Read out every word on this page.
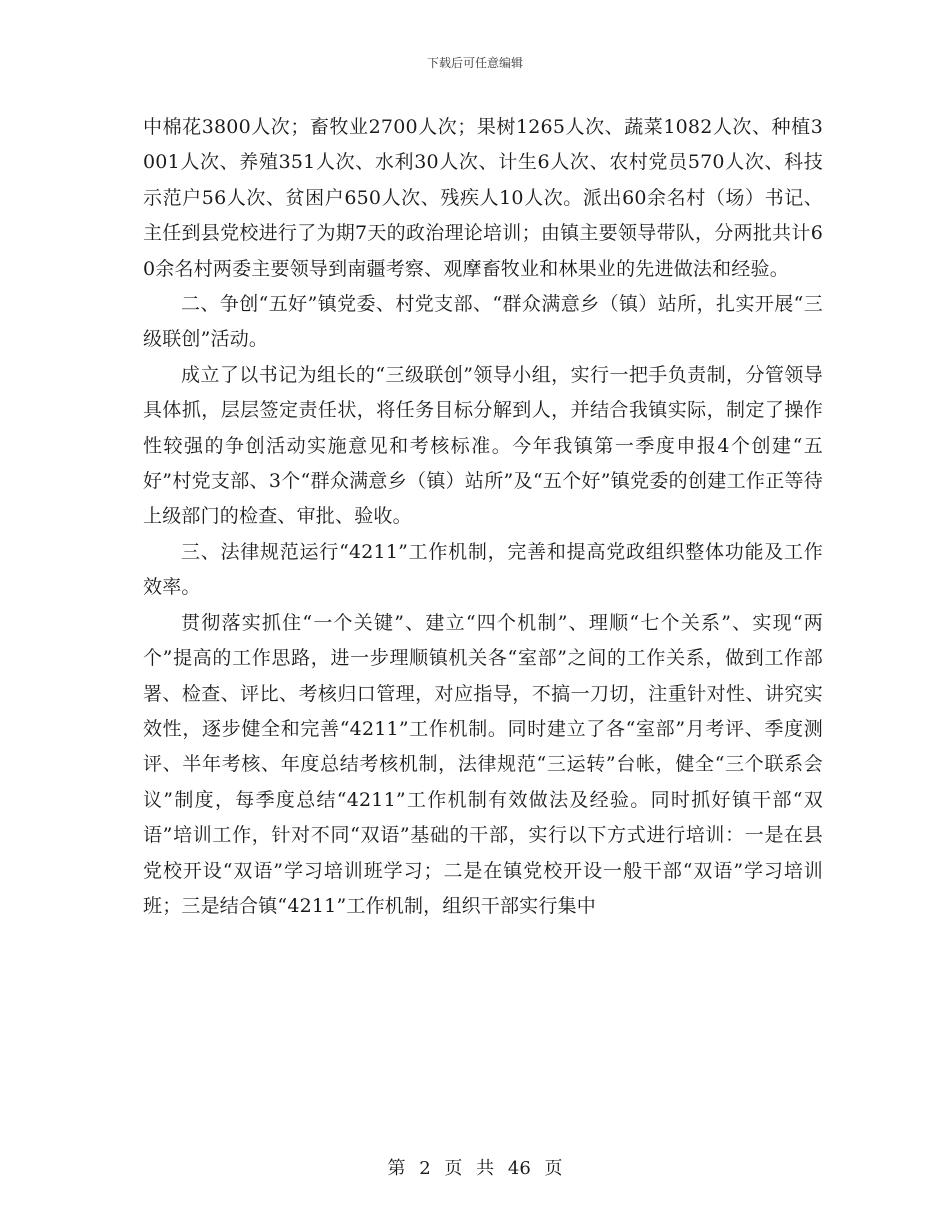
下载后可任意编辑

中棉花3800人次；畜牧业2700人次；果树1265人次、蔬菜1082人次、种植3001人次、养殖351人次、水利30人次、计生6人次、农村党员570人次、科技示范户56人次、贫困户650人次、残疾人10人次。派出60余名村（场）书记、主任到县党校进行了为期7天的政治理论培训；由镇主要领导带队，分两批共计60余名村两委主要领导到南疆考察、观摩畜牧业和林果业的先进做法和经验。

二、争创“五好”镇党委、村党支部、“群众满意乡（镇）站所，扎实开展“三级联创”活动。

成立了以书记为组长的“三级联创”领导小组，实行一把手负责制，分管领导具体抓，层层签定责任状，将任务目标分解到人，并结合我镇实际，制定了操作性较强的争创活动实施意见和考核标准。今年我镇第一季度申报4个创建“五好”村党支部、3个“群众满意乡（镇）站所”及“五个好”镇党委的创建工作正等待上级部门的检查、审批、验收。

三、法律规范运行“4211”工作机制，完善和提高党政组织整体功能及工作效率。

贯彻落实抓住“一个关键”、建立“四个机制”、理顺“七个关系”、实现“两个”提高的工作思路，进一步理顺镇机关各“室部”之间的工作关系，做到工作部署、检查、评比、考核归口管理，对应指导，不搞一刀切，注重针对性、讲究实效性，逐步健全和完善“4211”工作机制。同时建立了各“室部”月考评、季度测评、半年考核、年度总结考核机制，法律规范“三运转”台帐，健全“三个联系会议”制度，每季度总结“4211”工作机制有效做法及经验。同时抓好镇干部“双语”培训工作，针对不同“双语”基础的干部，实行以下方式进行培训：一是在县党校开设“双语”学习培训班学习；二是在镇党校开设一般干部“双语”学习培训班；三是结合镇“4211”工作机制，组织干部实行集中

第 2 页 共 46 页
